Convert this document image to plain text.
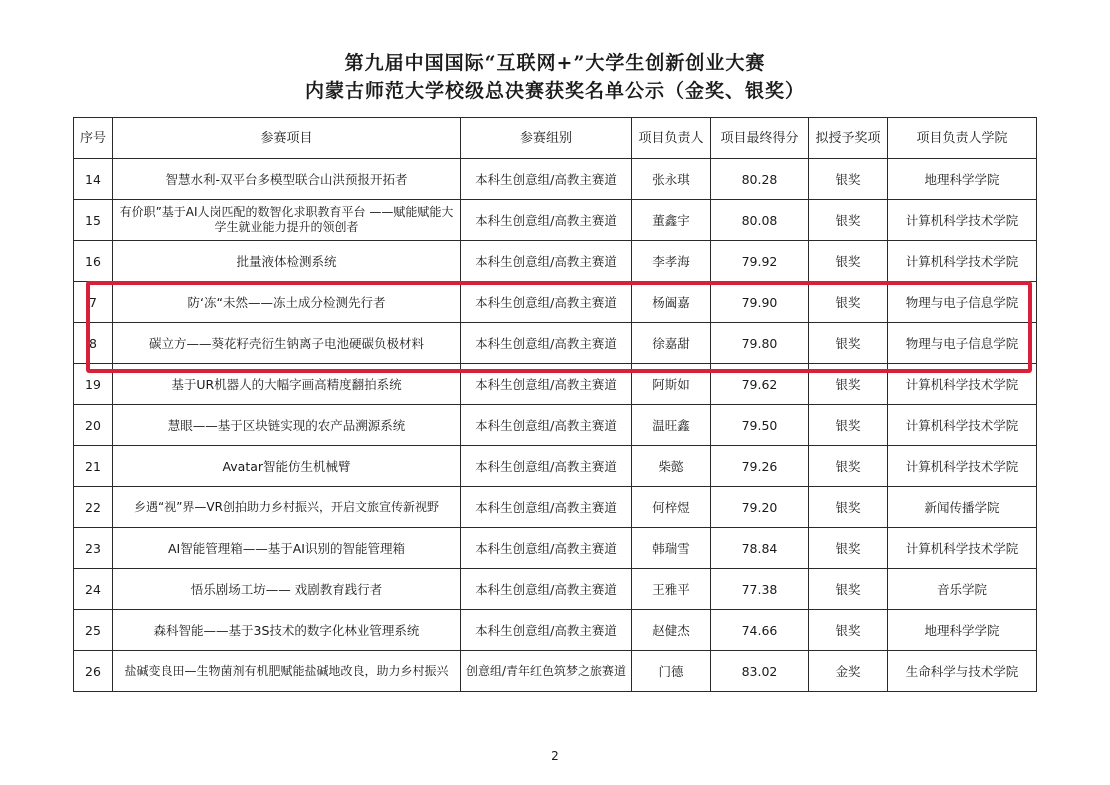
第九届中国国际“互联网+”大学生创新创业大赛
内蒙古师范大学校级总决赛获奖名单公示（金奖、银奖）
序号	参赛项目	参赛组别	项目负责人	项目最终得分	拟授予奖项	项目负责人学院
14	智慧水利-双平台多模型联合山洪预报开拓者	本科生创意组/高教主赛道	张永琪	80.28	银奖	地理科学学院
15	有价职”基于AI人岗匹配的数智化求职教育平台 ——赋能赋能大学生就业能力提升的领创者	本科生创意组/高教主赛道	董鑫宇	80.08	银奖	计算机科学技术学院
16	批量液体检测系统	本科生创意组/高教主赛道	李孝海	79.92	银奖	计算机科学技术学院
7	防‘冻“未然——冻土成分检测先行者	本科生创意组/高教主赛道	杨阖嘉	79.90	银奖	物理与电子信息学院
8	碳立方——葵花籽壳衍生钠离子电池硬碳负极材料	本科生创意组/高教主赛道	徐嘉甜	79.80	银奖	物理与电子信息学院
19	基于UR机器人的大幅字画高精度翻拍系统	本科生创意组/高教主赛道	阿斯如	79.62	银奖	计算机科学技术学院
20	慧眼——基于区块链实现的农产品溯源系统	本科生创意组/高教主赛道	温旺鑫	79.50	银奖	计算机科学技术学院
21	Avatar智能仿生机械臂	本科生创意组/高教主赛道	柴懿	79.26	银奖	计算机科学技术学院
22	乡遇“视”界—VR创拍助力乡村振兴，开启文旅宣传新视野	本科生创意组/高教主赛道	何梓煜	79.20	银奖	新闻传播学院
23	AI智能管理箱——基于AI识别的智能管理箱	本科生创意组/高教主赛道	韩瑞雪	78.84	银奖	计算机科学技术学院
24	悟乐剧场工坊—— 戏剧教育践行者	本科生创意组/高教主赛道	王雅平	77.38	银奖	音乐学院
25	森科智能——基于3S技术的数字化林业管理系统	本科生创意组/高教主赛道	赵健杰	74.66	银奖	地理科学学院
26	盐碱变良田—生物菌剂有机肥赋能盐碱地改良，助力乡村振兴	创意组/青年红色筑梦之旅赛道	门德	83.02	金奖	生命科学与技术学院
2
